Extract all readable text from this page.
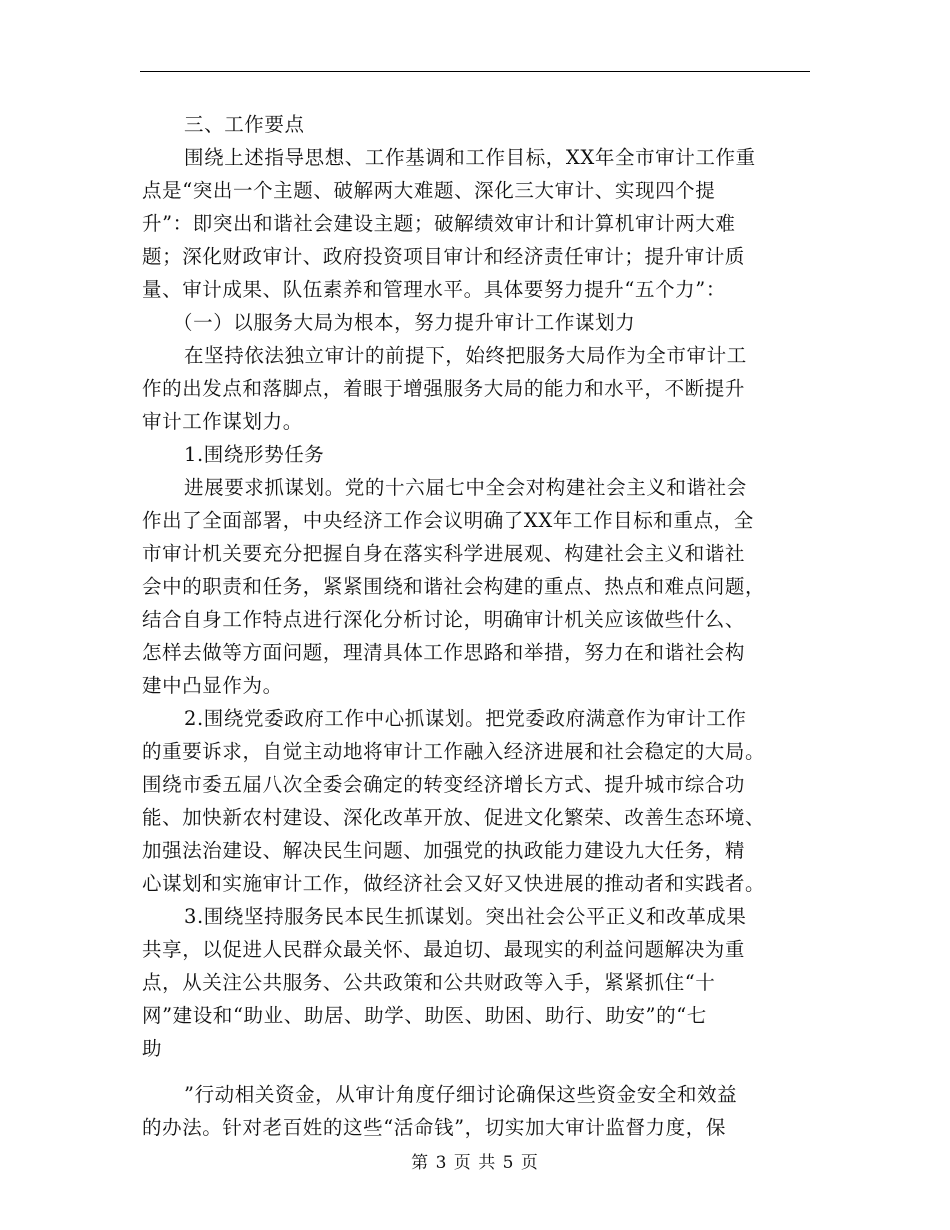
三、工作要点
围绕上述指导思想、工作基调和工作目标，XX年全市审计工作重
点是“突出一个主题、破解两大难题、深化三大审计、实现四个提
升”：即突出和谐社会建设主题；破解绩效审计和计算机审计两大难
题；深化财政审计、政府投资项目审计和经济责任审计；提升审计质
量、审计成果、队伍素养和管理水平。具体要努力提升“五个力”：
（一）以服务大局为根本，努力提升审计工作谋划力
在坚持依法独立审计的前提下，始终把服务大局作为全市审计工
作的出发点和落脚点，着眼于增强服务大局的能力和水平，不断提升
审计工作谋划力。
1.围绕形势任务
进展要求抓谋划。党的十六届七中全会对构建社会主义和谐社会
作出了全面部署，中央经济工作会议明确了XX年工作目标和重点，全
市审计机关要充分把握自身在落实科学进展观、构建社会主义和谐社
会中的职责和任务，紧紧围绕和谐社会构建的重点、热点和难点问题，
结合自身工作特点进行深化分析讨论，明确审计机关应该做些什么、
怎样去做等方面问题，理清具体工作思路和举措，努力在和谐社会构
建中凸显作为。
2.围绕党委政府工作中心抓谋划。把党委政府满意作为审计工作
的重要诉求，自觉主动地将审计工作融入经济进展和社会稳定的大局。
围绕市委五届八次全委会确定的转变经济增长方式、提升城市综合功
能、加快新农村建设、深化改革开放、促进文化繁荣、改善生态环境、
加强法治建设、解决民生问题、加强党的执政能力建设九大任务，精
心谋划和实施审计工作，做经济社会又好又快进展的推动者和实践者。
3.围绕坚持服务民本民生抓谋划。突出社会公平正义和改革成果
共享，以促进人民群众最关怀、最迫切、最现实的利益问题解决为重
点，从关注公共服务、公共政策和公共财政等入手，紧紧抓住“十
网”建设和“助业、助居、助学、助医、助困、助行、助安”的“七
助
”行动相关资金，从审计角度仔细讨论确保这些资金安全和效益
的办法。针对老百姓的这些“活命钱”，切实加大审计监督力度，保
第 3 页 共 5 页
